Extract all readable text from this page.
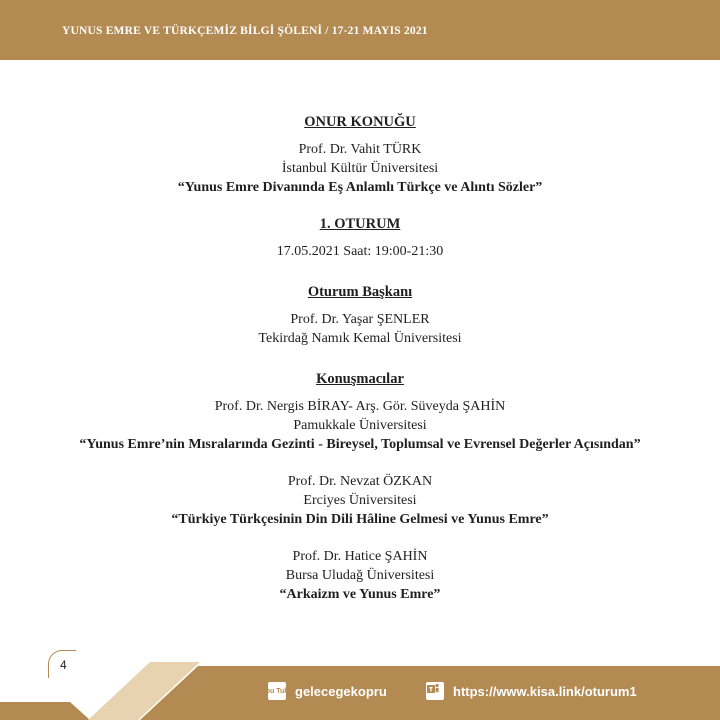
YUNUS EMRE VE TÜRKÇEMİZ BİLGİ ŞÖLENİ / 17-21 MAYIS 2021
ONUR KONUĞU
Prof. Dr. Vahit TÜRK
İstanbul Kültür Üniversitesi
“Yunus Emre Divanında Eş Anlamlı Türkçe ve Alıntı Sözler”
1. OTURUM
17.05.2021 Saat: 19:00-21:30
Oturum Başkanı
Prof. Dr. Yaşar ŞENLER
Tekirdağ Namık Kemal Üniversitesi
Konuşmacılar
Prof. Dr. Nergis BİRAY- Arş. Gör. Süveyda ŞAHİN
Pamukkale Üniversitesi
“Yunus Emre’nin Mısralarında Gezinti - Bireysel, Toplumsal ve Evrensel Değerler Açısından”
Prof. Dr. Nevzat ÖZKAN
Erciyes Üniversitesi
“Türkiye Türkçesinin Din Dili Hâline Gelmesi ve Yunus Emre”
Prof. Dr. Hatice ŞAHİN
Bursa Uludağ Üniversitesi
“Arkaizm ve Yunus Emre”
4
You Tube gelecegekopru	https://www.kisa.link/oturum1
